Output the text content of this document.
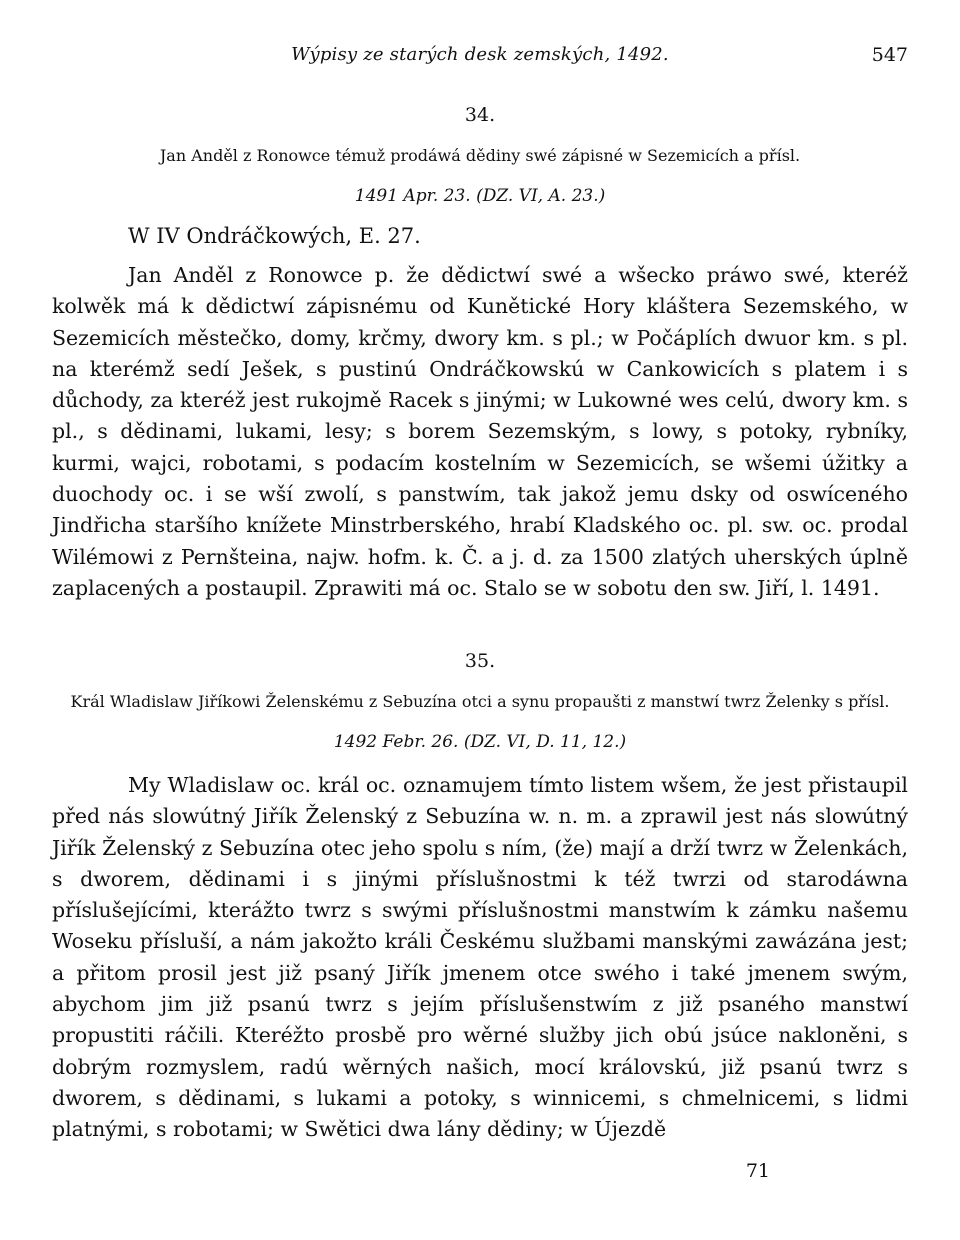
Wýpisy ze starých desk zemských, 1492.	547
34.
Jan Anděl z Ronowce témuž prodáwá dědiny swé zápisné w Sezemicích a přísl.
1491 Apr. 23. (DZ. VI, A. 23.)
W IV Ondráčkowých, E. 27.

Jan Anděl z Ronowce p. že dědictwí swé a wšecko práwo swé, kteréž kolwěk má k dědictwí zápisnému od Kunětické Hory kláštera Sezemského, w Sezemicích městečko, domy, krčmy, dwory km. s pl.; w Počáplích dwuor km. s pl. na kterémž sedí Ješek, s pustinú Ondráčkowskú w Cankowicích s platem i s důchody, za kteréž jest rukojmě Racek s jinými; w Lukowné wes celú, dwory km. s pl., s dědinami, lukami, lesy; s borem Sezemským, s lowy, s potoky, rybníky, kurmi, wajci, robotami, s podacím kostelním w Sezemicích, se wšemi úžitky a duochody oc. i se wší zwolí, s panstwím, tak jakož jemu dsky od oswíceného Jindřicha staršího knížete Minstrberského, hrabí Kladského oc. pl. sw. oc. prodal Wilémowi z Pernšteina, najw. hofm. k. Č. a j. d. za 1500 zlatých uherských úplně zaplacených a postaupil. Zprawiti má oc. Stalo se w sobotu den sw. Jiří, l. 1491.

35.
Král Wladislaw Jiříkowi Želenskému z Sebuzína otci a synu propaušti z manstwí twrz Želenky s přísl.
1492 Febr. 26. (DZ. VI, D. 11, 12.)

My Wladislaw oc. král oc. oznamujem tímto listem wšem, že jest přistaupil před nás slowútný Jiřík Želenský z Sebuzína w. n. m. a zprawil jest nás slowútný Jiřík Želenský z Sebuzína otec jeho spolu s ním, (že) mají a drží twrz w Želenkách, s dworem, dědinami i s jinými příslušnostmi k též twrzi od starodáwna příslušejícími, kterážto twrz s swými příslušnostmi manstwím k zámku našemu Woseku přísluší, a nám jakožto králi Českému službami manskými zawázána jest; a přitom prosil jest již psaný Jiřík jmenem otce swého i také jmenem swým, abychom jim již psanú twrz s jejím příslušenstwím z již psaného manstwí propustiti ráčili. Kteréžto prosbě pro wěrné služby jich obú jsúce nakloněni, s dobrým rozmyslem, radú wěrných našich, mocí královskú, již psanú twrz s dworem, s dědinami, s lukami a potoky, s winnicemi, s chmelnicemi, s lidmi platnými, s robotami; w Swětici dwa lány dědiny; w Újezdě

71
